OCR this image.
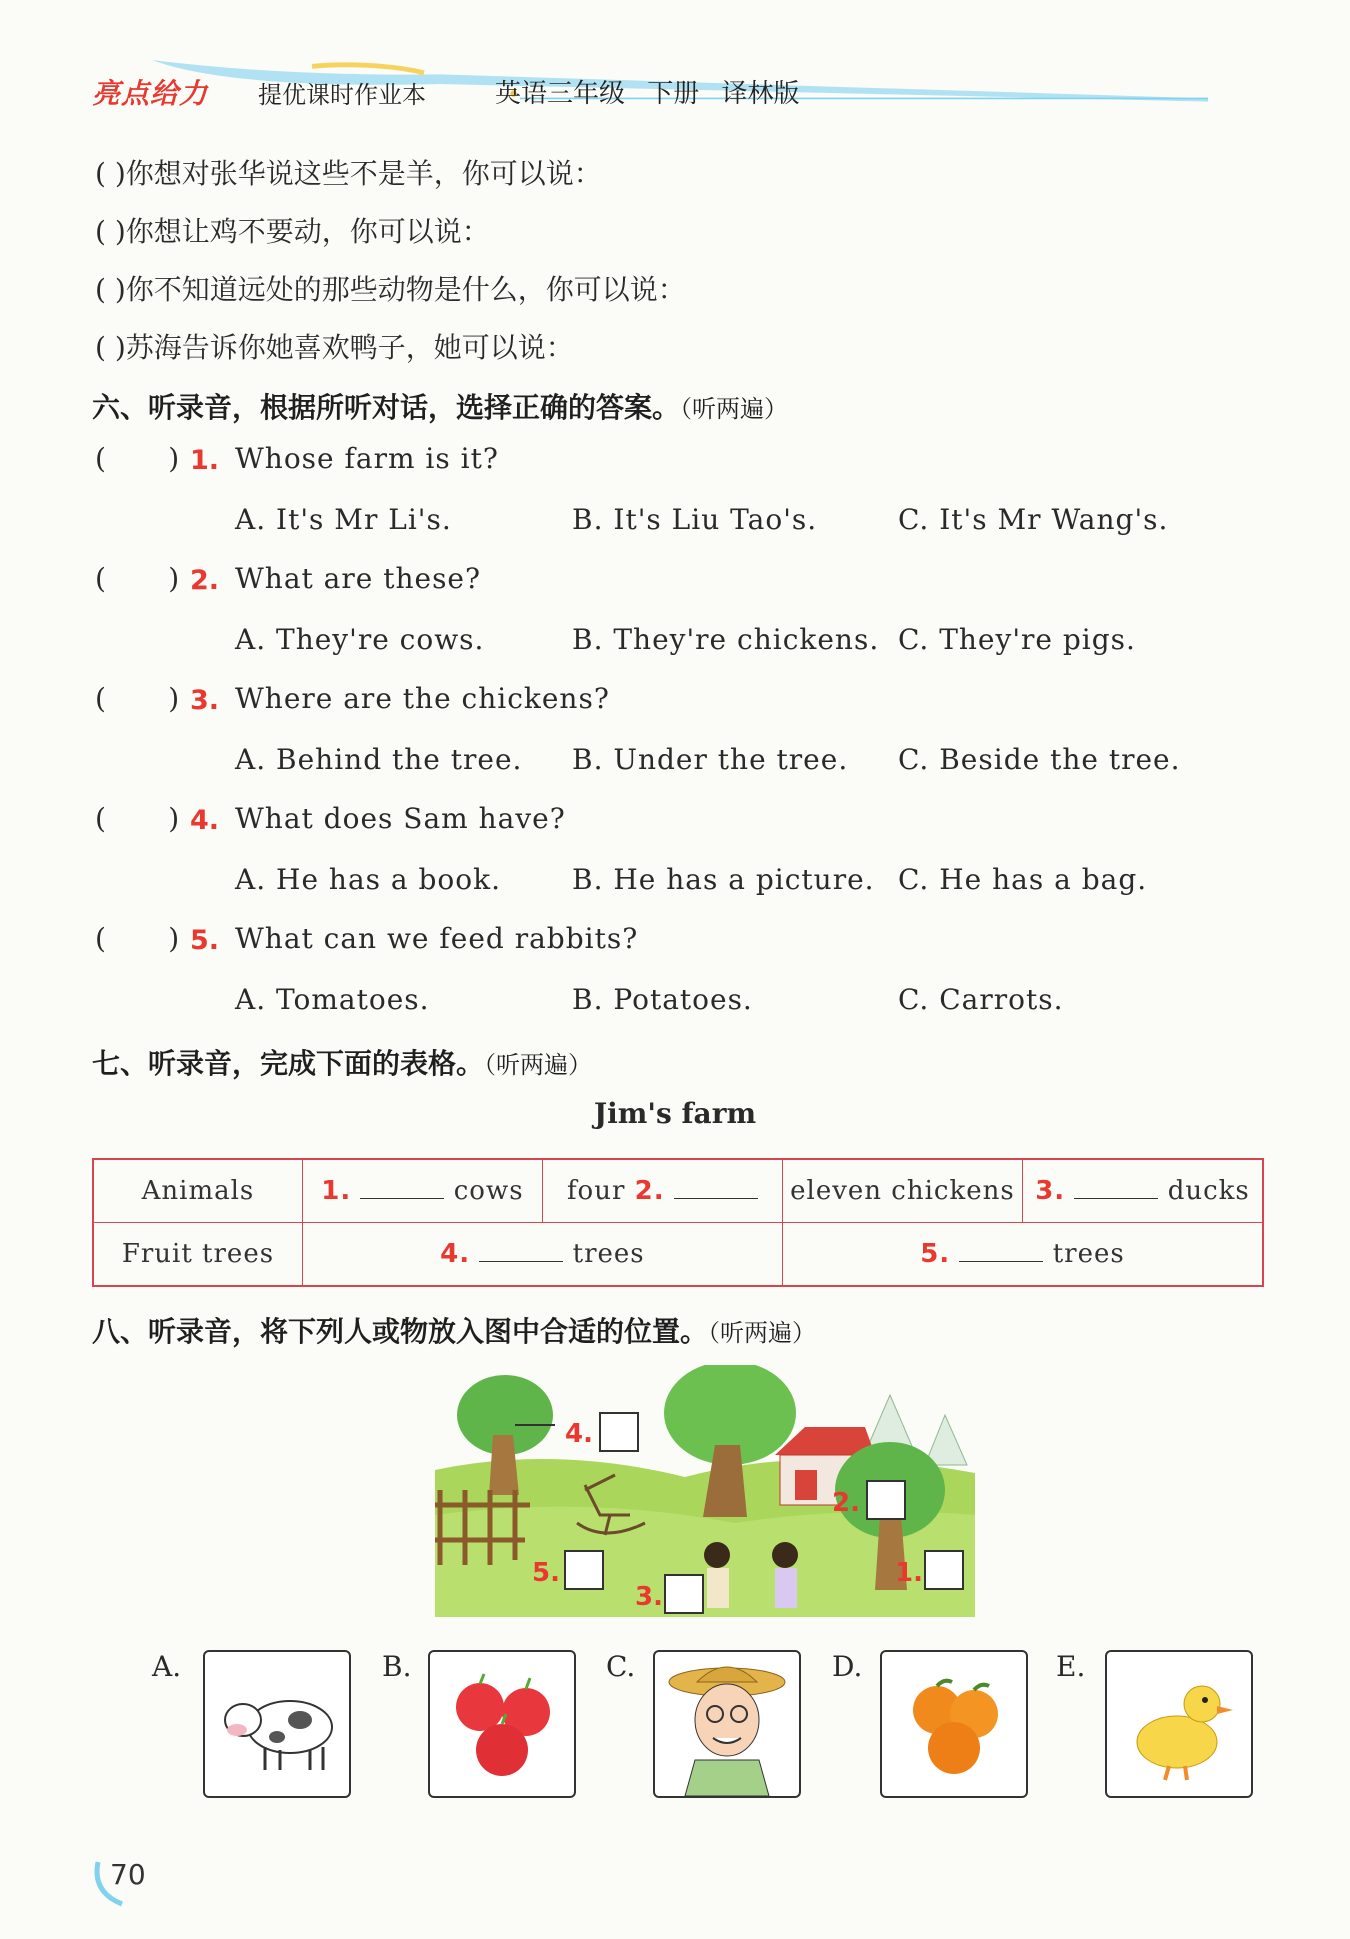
亮点给力 提优课时作业本	英语三年级 下册 译林版
( )你想对张华说这些不是羊，你可以说：
( )你想让鸡不要动，你可以说：
( )你不知道远处的那些动物是什么，你可以说：
( )苏海告诉你她喜欢鸭子，她可以说：
六、听录音，根据所听对话，选择正确的答案。（听两遍）
(       ) 1. Whose farm is it?
A. It's Mr Li's.	B. It's Liu Tao's.	C. It's Mr Wang's.
(       ) 2. What are these?
A. They're cows.	B. They're chickens. C. They're pigs.
(       ) 3. Where are the chickens?
A. Behind the tree. B. Under the tree. C. Beside the tree.
(       ) 4. What does Sam have?
A. He has a book.	B. He has a picture. C. He has a bag.
(       ) 5. What can we feed rabbits?
A. Tomatoes.	B. Potatoes.	C. Carrots.
七、听录音，完成下面的表格。（听两遍）
Jim's farm
Animals	1. cows	four 2.	eleven chickens	3. ducks
Fruit trees	4. trees		5. trees	
八、听录音，将下列人或物放入图中合适的位置。（听两遍）
4.
2.
1.
5.
3.
A.	B.	C.	D.	E.
70
